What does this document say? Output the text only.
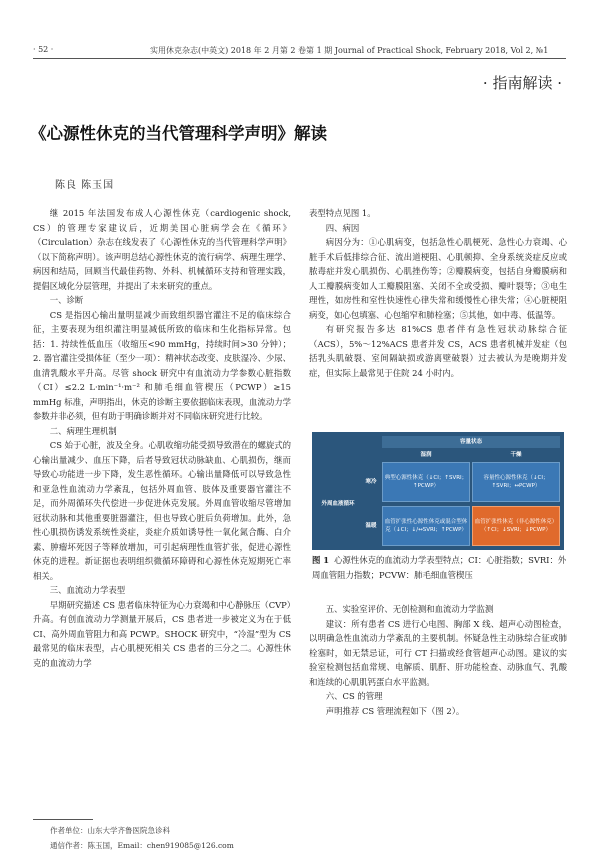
· 52 ·	实用休克杂志(中英文) 2018 年 2 月第 2 卷第 1 期 Journal of Practical Shock, February 2018, Vol 2, №1
· 指南解读 ·
《心源性休克的当代管理科学声明》解读
陈良 陈玉国

继 2015 年法国发布成人心源性休克（cardiogenic shock, CS）的管理专家建议后，近期美国心脏病学会在《循环》（Circulation）杂志在线发表了《心源性休克的当代管理科学声明》（以下简称声明）。该声明总结心源性休克的流行病学、病理生理学、病因和结局，回顾当代最佳药物、外科、机械循环支持和管理实践，提倡区域化分层管理，并提出了未来研究的重点。

一、诊断

CS 是指因心输出量明显减少而致组织器官灌注不足的临床综合征，主要表现为组织灌注明显减低所致的临床和生化指标异常。包括：1. 持续性低血压（收缩压<90 mmHg，持续时间>30 分钟）；2. 器官灌注受损体征（至少一项）：精神状态改变、皮肤湿冷、少尿、血清乳酸水平升高。尽管 shock 研究中有血流动力学参数心脏指数（CI）≤2.2 L·min⁻¹·m⁻² 和肺毛细血管楔压（PCWP）≥15 mmHg 标准，声明指出，休克的诊断主要依据临床表现，血流动力学参数并非必须，但有助于明确诊断并对不同临床研究进行比较。

二、病理生理机制

CS 始于心脏，波及全身。心肌收缩功能受损导致潜在的螺旋式的心输出量减少、血压下降，后者导致冠状动脉缺血、心肌损伤，继而导致心功能进一步下降，发生恶性循环。心输出量降低可以导致急性和亚急性血流动力学紊乱，包括外周血管、肢体及重要器官灌注不足，而外周循环失代偿进一步促进休克发展。外周血管收缩尽管增加冠状动脉和其他重要脏器灌注，但也导致心脏后负荷增加。此外，急性心肌损伤诱发系统性炎症，炎症介质如诱导性一氧化氮合酶、白介素、肿瘤坏死因子等释放增加，可引起病理性血管扩张，促进心源性休克的进程。新证据也表明组织微循环障碍和心源性休克短期死亡率相关。

三、血流动力学表型

早期研究描述 CS 患者临床特征为心力衰竭和中心静脉压（CVP）升高。有创血流动力学测量开展后，CS 患者进一步被定义为在于低 CI、高外周血管阻力和高 PCWP。SHOCK 研究中，“冷湿”型为 CS 最常见的临床表型，占心肌梗死相关 CS 患者的三分之二。心源性休克的血流动力学

表型特点见图 1。

四、病因

病因分为：①心肌病变，包括急性心肌梗死、急性心力衰竭、心脏手术后低排综合征、流出道梗阻、心肌顿抑、全身系统炎症反应或脓毒症并发心肌损伤、心肌挫伤等；②瓣膜病变，包括自身瓣膜病和人工瓣膜病变如人工瓣膜阻塞、关闭不全或受损、瓣叶裂等；③电生理性，如房性和室性快速性心律失常和缓慢性心律失常；④心脏梗阻病变，如心包填塞、心包缩窄和肺栓塞；⑤其他，如中毒、低温等。

有研究报告多达 81%CS 患者伴有急性冠状动脉综合征（ACS），5%～12%ACS 患者并发 CS，ACS 患者机械并发症（包括乳头肌破裂、室间隔缺损或游离壁破裂）过去被认为是晚期并发症，但实际上最常见于住院 24 小时内。

容量状态
湿润	干燥
外周血液循环
寒冷
温暖
典型心源性休克（↓CI；↑SVRI；↑PCWP）
容量性心源性休克（↓CI；↑SVRI；↔PCWP）
血管扩张性心源性休克或混合型休克（↓CI；↓/↔SVRI；↑PCWP）
血管扩张性休克（非心源性休克）（↑CI；↓SVRI；↓PCWP）
图 1 心源性休克的血流动力学表型特点；CI：心脏指数；SVRI：外周血管阻力指数；PCVW：肺毛细血管楔压

五、实验室评价、无创检测和血流动力学监测

建议：所有患者 CS 进行心电图、胸部 X 线、超声心动图检查，以明确急性血流动力学紊乱的主要机制。怀疑急性主动脉综合征或肺栓塞时，如无禁忌证，可行 CT 扫描或经食管超声心动图。建议的实验室检测包括血常规、电解质、肌酐、肝功能检查、动脉血气、乳酸和连续的心肌肌钙蛋白水平监测。

六、CS 的管理

声明推荐 CS 管理流程如下（图 2）。

作者单位：山东大学齐鲁医院急诊科
通信作者：陈玉国，Email：chen919085@126.com
